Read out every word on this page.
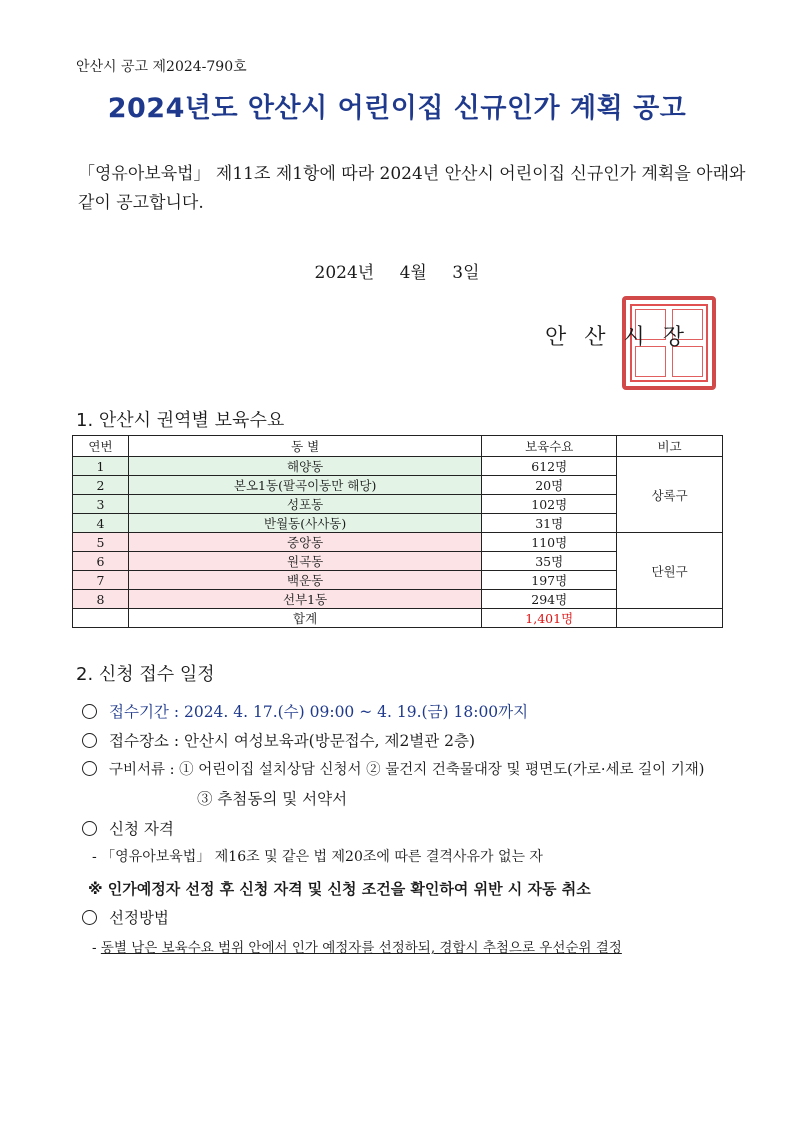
안산시 공고 제2024-790호
2024년도 안산시 어린이집 신규인가 계획 공고
「영유아보육법」 제11조 제1항에 따라 2024년 안산시 어린이집 신규인가 계획을 아래와 같이 공고합니다.
2024년 4월 3일
안산시장
1. 안산시 권역별 보육수요
연번	동 별	보육수요	비고
1	해양동	612명	상록구
2	본오1동(팔곡이동만 해당)	20명	
3	성포동	102명	
4	반월동(사사동)	31명	
5	중앙동	110명	단원구
6	원곡동	35명	
7	백운동	197명	
8	선부1동	294명	
	합계	1,401명	
2. 신청 접수 일정
접수기간 : 2024. 4. 17.(수) 09:00 ~ 4. 19.(금) 18:00까지
접수장소 : 안산시 여성보육과(방문접수, 제2별관 2층)
구비서류 : ① 어린이집 설치상담 신청서 ② 물건지 건축물대장 및 평면도(가로·세로 길이 기재)
③ 추첨동의 및 서약서
신청 자격
- 「영유아보육법」 제16조 및 같은 법 제20조에 따른 결격사유가 없는 자
※ 인가예정자 선정 후 신청 자격 및 신청 조건을 확인하여 위반 시 자동 취소
선정방법
- 동별 남은 보육수요 범위 안에서 인가 예정자를 선정하되, 경합시 추첨으로 우선순위 결정
